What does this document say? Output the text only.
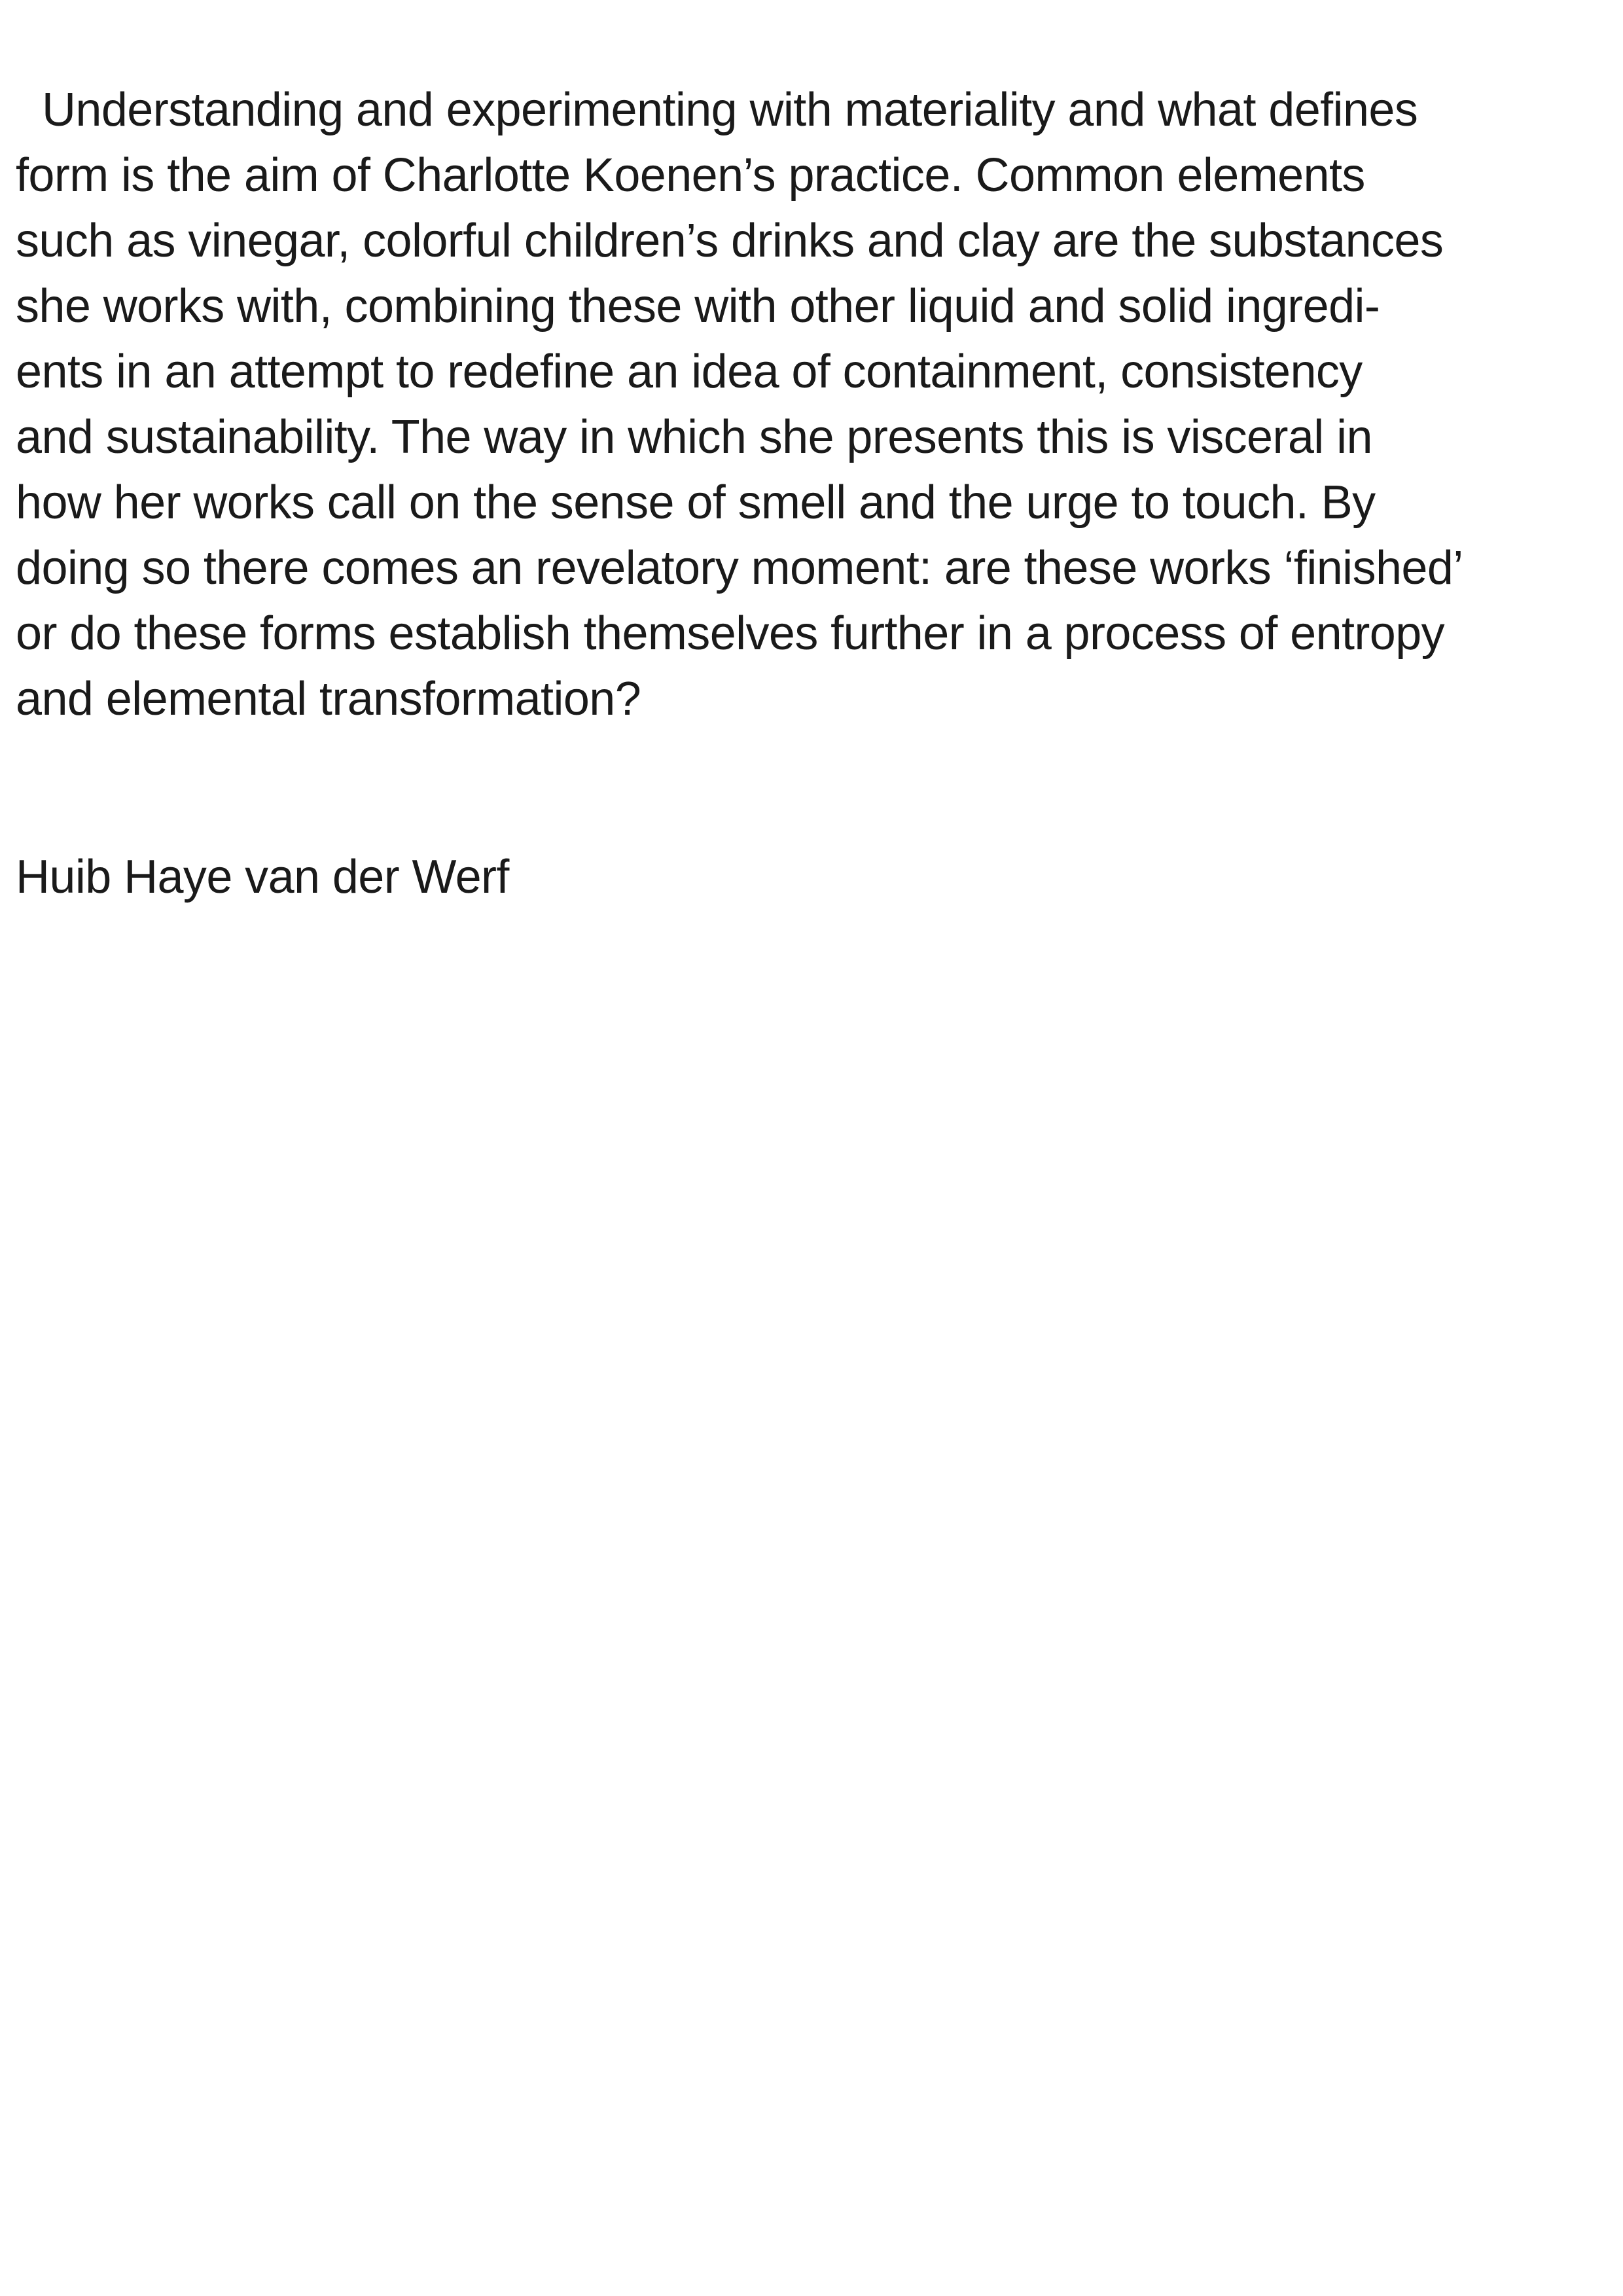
Understanding and experimenting with materiality and what defines
form is the aim of Charlotte Koenen’s practice. Common elements
such as vinegar, colorful children’s drinks and clay are the substances
she works with, combining these with other liquid and solid ingredi-
ents in an attempt to redefine an idea of containment, consistency
and sustainability. The way in which she presents this is visceral in
how her works call on the sense of smell and the urge to touch. By
doing so there comes an revelatory moment: are these works ‘finished’
or do these forms establish themselves further in a process of entropy
and elemental transformation?
Huib Haye van der Werf
